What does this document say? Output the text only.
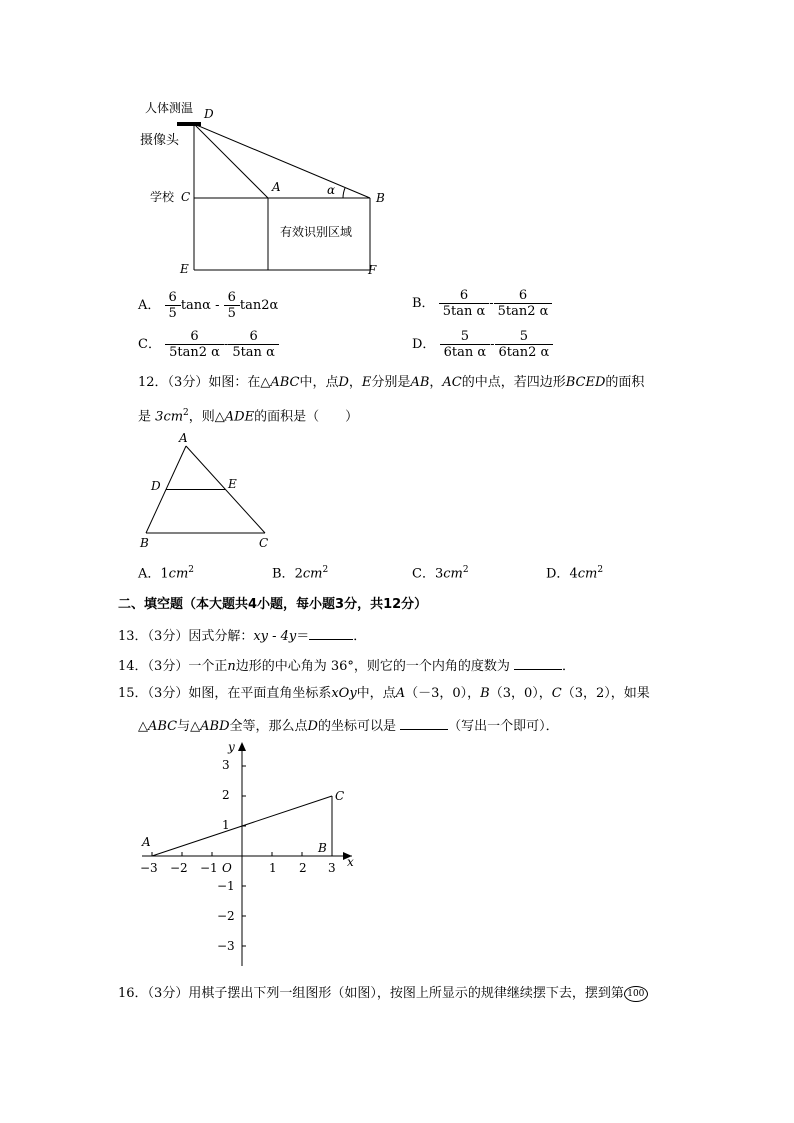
人体测温 D
摄像头
学校 C
A	α
B
有效识别区域
E	F
A． $\frac{6}{5}$ tanα - $\frac{6}{5} \tan 2\alpha$	B． $\frac{6}{\text{5tan α}} - \frac{6}{5\tan 2 \alpha}$
C． $\frac{6}{5\tan 2 \alpha} - \frac{6}{\text{5tan α}}$	D． $\frac{5}{\text{6tan α}} - \frac{5}{6\tan 2 \alpha}$
12．（3分）如图：在△ABC中，点D，E分别是AB，AC的中点，若四边形BCED的面积
是 $3cm^2$，则△ADE的面积是（　　）
A
D	E
B	C
A．$1cm^2$	B．$2cm^2$	C．$3cm^2$	D．$4cm^2$
二、填空题（本大题共4小题，每小题3分，共12分）
13．（3分）因式分解：xy - 4y＝	．
14．（3分）一个正n边形的中心角为 36°，则它的一个内角的度数为	．
15．（3分）如图，在平面直角坐标系xOy中，点A（－3，0），B（3，0），C（3，2），如果
△ABC与△ABD全等，那么点D的坐标可以是	（写出一个即可）．
y
x
O
A	B
C
−3 −2 −1	1 2 3
3
2
1
−1
−2
−3
16．（3分）用棋子摆出下列一组图形（如图），按图上所显示的规律继续摆下去，摆到第 100
